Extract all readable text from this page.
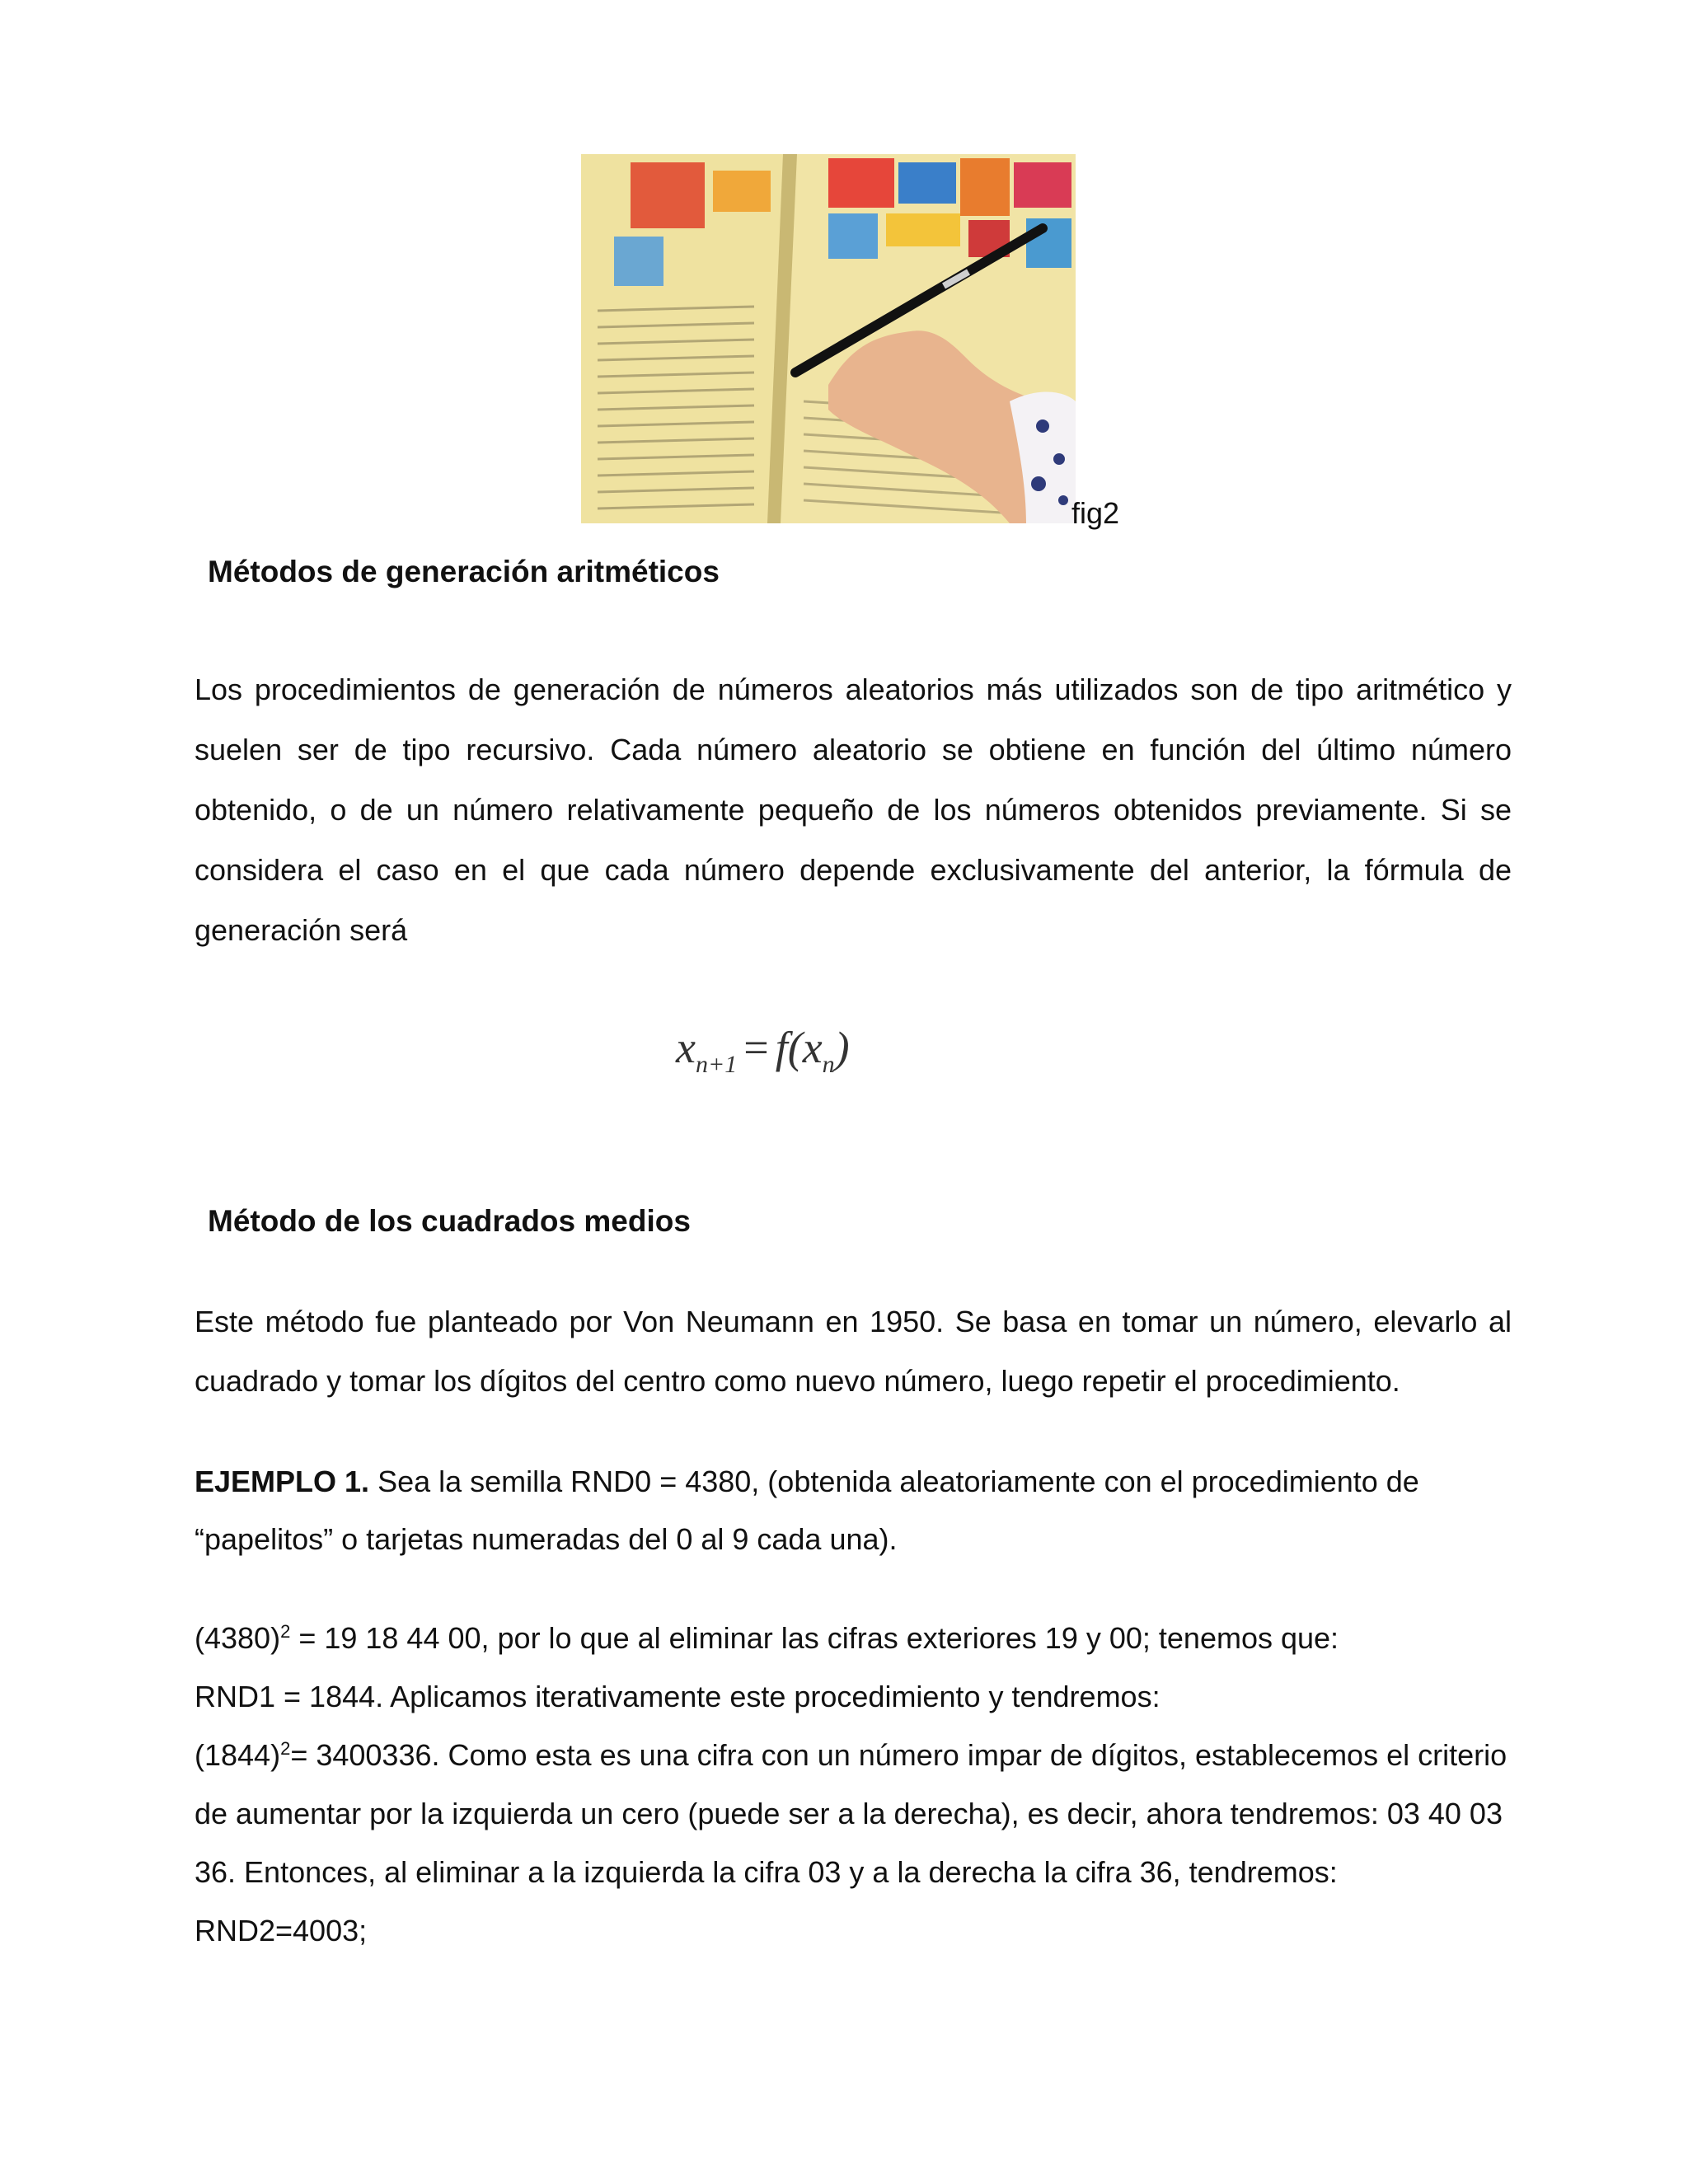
fig2
Métodos de generación aritméticos
Los procedimientos de generación de números aleatorios más utilizados son de tipo aritmético y suelen ser de tipo recursivo. Cada número aleatorio se obtiene en función del último número obtenido, o de un número relativamente pequeño de los números obtenidos previamente. Si se considera el caso en el que cada número depende exclusivamente del anterior, la fórmula de generación será
$x_{n+1} = f(x_n)$
Método de los cuadrados medios
Este método fue planteado por Von Neumann en 1950. Se basa en tomar un número, elevarlo al cuadrado y tomar los dígitos del centro como nuevo número, luego repetir el procedimiento.
EJEMPLO 1. Sea la semilla RND0 = 4380, (obtenida aleatoriamente con el procedimiento de “papelitos” o tarjetas numeradas del 0 al 9 cada una).
$(4380)^2 = 19$ 18 44 00, por lo que al eliminar las cifras exteriores 19 y 00; tenemos que:
RND1 = 1844. Aplicamos iterativamente este procedimiento y tendremos:
$(1844)^2= 3400336$. Como esta es una cifra con un número impar de dígitos, establecemos el criterio
de aumentar por la izquierda un cero (puede ser a la derecha), es decir, ahora tendremos: 03 40 03
36. Entonces, al eliminar a la izquierda la cifra 03 y a la derecha la cifra 36, tendremos:
RND2=4003;
